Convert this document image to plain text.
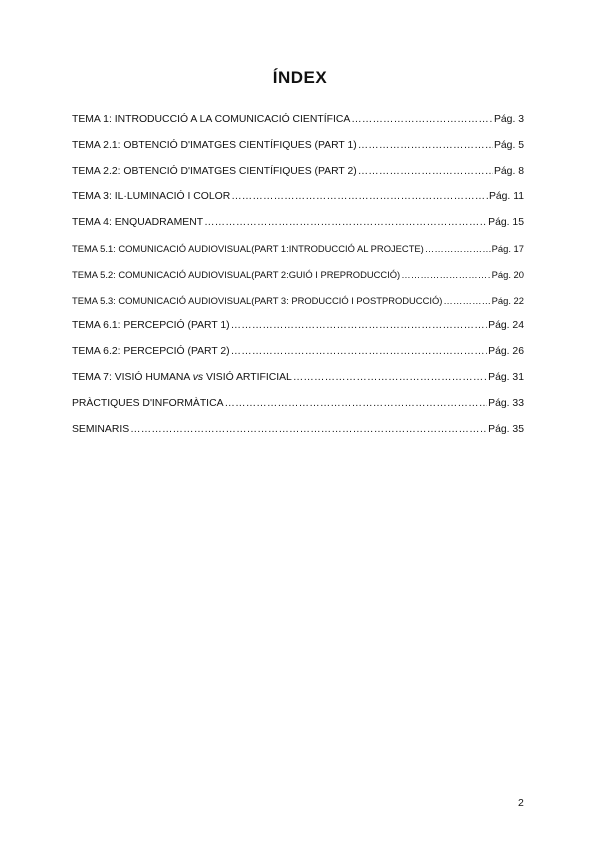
ÍNDEX
TEMA 1: INTRODUCCIÓ A LA COMUNICACIÓ CIENTÍFICA ……………………………………………………………………………………………………………………………………………………	Pág. 3
TEMA 2.1: OBTENCIÓ D'IMATGES CIENTÍFIQUES (PART 1) ……………………………………………………………………………………………………………………………………………………	Pág. 5
TEMA 2.2: OBTENCIÓ D'IMATGES CIENTÍFIQUES (PART 2) ……………………………………………………………………………………………………………………………………………………	Pág. 8
TEMA 3: IL·LUMINACIÓ I COLOR ……………………………………………………………………………………………………………………………………………………	Pág. 11
TEMA 4: ENQUADRAMENT ……………………………………………………………………………………………………………………………………………………	Pág. 15
TEMA 5.1: COMUNICACIÓ AUDIOVISUAL(PART 1:INTRODUCCIÓ AL PROJECTE) ……………………………………………………………………………………………………………………………………………………	Pág. 17
TEMA 5.2: COMUNICACIÓ AUDIOVISUAL(PART 2:GUIÓ I PREPRODUCCIÓ) ……………………………………………………………………………………………………………………………………………………	Pág. 20
TEMA 5.3: COMUNICACIÓ AUDIOVISUAL(PART 3: PRODUCCIÓ I POSTPRODUCCIÓ) ……………………………………………………………………………………………………………………………………………………	Pág. 22
TEMA 6.1: PERCEPCIÓ (PART 1) ……………………………………………………………………………………………………………………………………………………	Pág. 24
TEMA 6.2: PERCEPCIÓ (PART 2) ……………………………………………………………………………………………………………………………………………………	Pág. 26
TEMA 7: VISIÓ HUMANA vs VISIÓ ARTIFICIAL ……………………………………………………………………………………………………………………………………………………	Pág. 31
PRÀCTIQUES D'INFORMÀTICA ……………………………………………………………………………………………………………………………………………………	Pág. 33
SEMINARIS ……………………………………………………………………………………………………………………………………………………	Pág. 35
2
